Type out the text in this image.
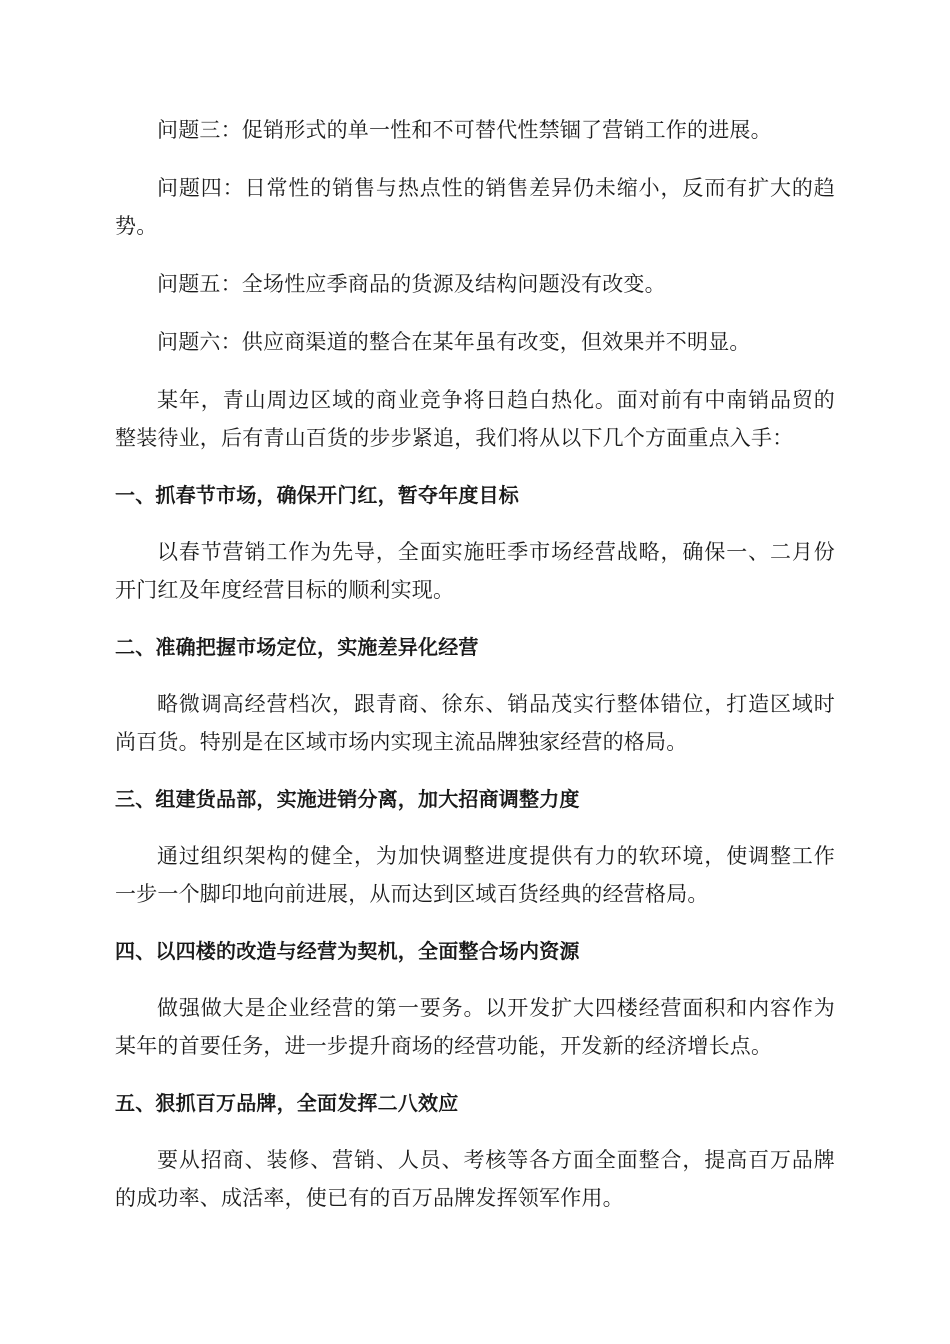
问题三：促销形式的单一性和不可替代性禁锢了营销工作的进展。

问题四：日常性的销售与热点性的销售差异仍未缩小，反而有扩大的趋势。

问题五：全场性应季商品的货源及结构问题没有改变。

问题六：供应商渠道的整合在某年虽有改变，但效果并不明显。

某年，青山周边区域的商业竞争将日趋白热化。面对前有中南销品贸的整装待业，后有青山百货的步步紧追，我们将从以下几个方面重点入手：

一、抓春节市场，确保开门红，暂夺年度目标

以春节营销工作为先导，全面实施旺季市场经营战略，确保一、二月份开门红及年度经营目标的顺利实现。

二、准确把握市场定位，实施差异化经营

略微调高经营档次，跟青商、徐东、销品茂实行整体错位，打造区域时尚百货。特别是在区域市场内实现主流品牌独家经营的格局。

三、组建货品部，实施进销分离，加大招商调整力度

通过组织架构的健全，为加快调整进度提供有力的软环境，使调整工作一步一个脚印地向前进展，从而达到区域百货经典的经营格局。

四、以四楼的改造与经营为契机，全面整合场内资源

做强做大是企业经营的第一要务。以开发扩大四楼经营面积和内容作为某年的首要任务，进一步提升商场的经营功能，开发新的经济增长点。

五、狠抓百万品牌，全面发挥二八效应

要从招商、装修、营销、人员、考核等各方面全面整合，提高百万品牌的成功率、成活率，使已有的百万品牌发挥领军作用。
